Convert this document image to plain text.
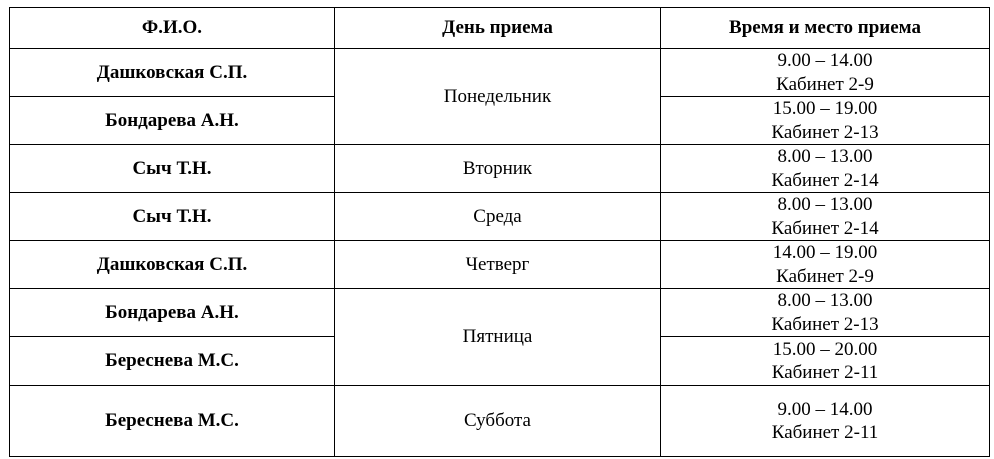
Ф.И.О.	День приема	Время и место приема
Дашковская С.П.	Понедельник	9.00 – 14.00
Кабинет 2-9

Бондарева А.Н.		15.00 – 19.00
Кабинет 2-13

Сыч Т.Н.	Вторник	8.00 – 13.00
Кабинет 2-14

Сыч Т.Н.	Среда	8.00 – 13.00
Кабинет 2-14

Дашковская С.П.	Четверг	14.00 – 19.00
Кабинет 2-9

Бондарева А.Н.	Пятница	8.00 – 13.00
Кабинет 2-13

Береснева М.С.		15.00 – 20.00
Кабинет 2-11

Береснева М.С.	Суббота	9.00 – 14.00
Кабинет 2-11
